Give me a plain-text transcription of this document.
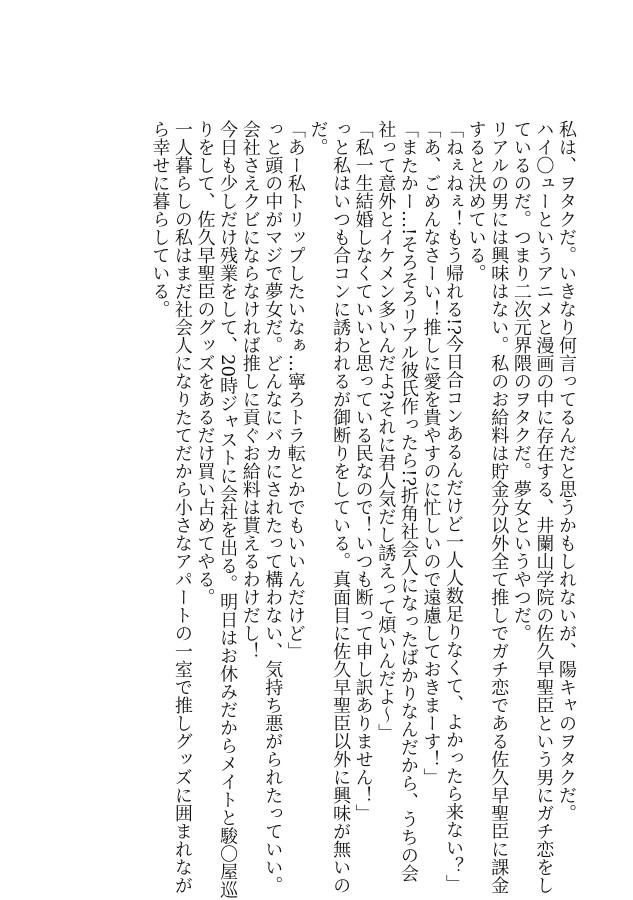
私は、ヲタクだ。いきなり何言ってるんだと思うかもしれないが、陽キャのヲタクだ。
ハイ〇ューというアニメと漫画の中に存在する、井闌山学院の佐久早聖臣という男にガチ恋をし
ているのだ。つまり二次元界隈のヲタクだ。夢女というやつだ。
リアルの男には興味はない。私のお給料は貯金分以外全て推しでガチ恋である佐久早聖臣に課金
すると決めている。
「ねぇねぇ！もう帰れる!?今日合コンあるんだけど一人人数足りなくて、よかったら来ない？」
「あ、ごめんなさーい！推しに愛を貴やすのに忙しいので遠慮しておきまーす！」
「またかー…!そろそろリアル彼氏作ったら!?折角社会人になったばかりなんだから、うちの会
社って意外とイケメン多いんだよ?それに君人気だし誘えって煩いんだよ〜」
「私一生結婚しなくていいと思っている民なので！いつも断って申し訳ありません！」
っと私はいつも合コンに誘われるが御断りをしている。真面目に佐久早聖臣以外に興味が無いの
だ。
「あー私トリップしたいなぁ…寧ろトラ転とかでもいいんだけど」
っと頭の中がマジで夢女だ。どんなにバカにされたって構わない、気持ち悪がられたっていい。
会社さえクビにならなければ推しに貢ぐお給料は貰えるわけだし！
今日も少しだけ残業をして、20時ジャストに会社を出る。明日はお休みだからメイトと駿〇屋巡
りをして、佐久早聖臣のグッズをあるだけ買い占めてやる。
一人暮らしの私はまだ社会人になりたてだから小さなアパートの一室で推しグッズに囲まれなが
ら幸せに暮らしている。
